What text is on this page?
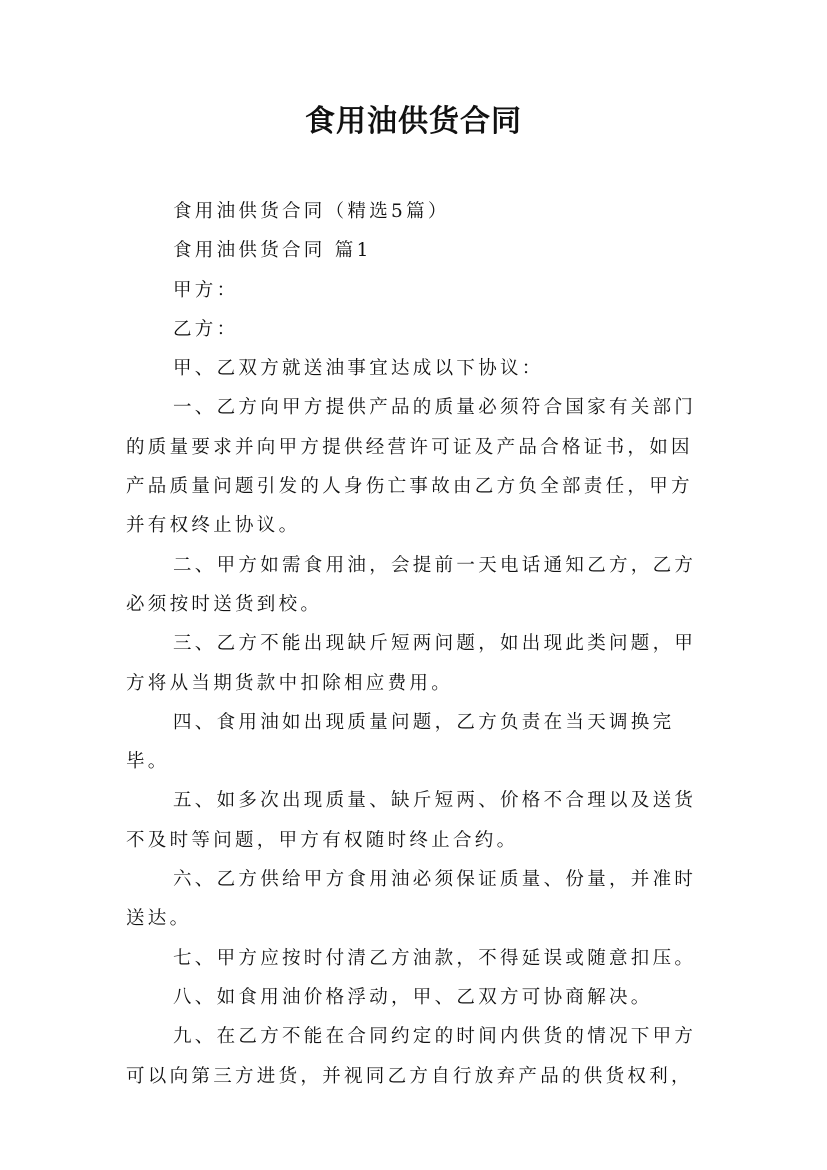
食用油供货合同

食用油供货合同（精选5篇）

食用油供货合同 篇1

甲方：

乙方：

甲、乙双方就送油事宜达成以下协议：

一、乙方向甲方提供产品的质量必须符合国家有关部门的质量要求并向甲方提供经营许可证及产品合格证书，如因产品质量问题引发的人身伤亡事故由乙方负全部责任，甲方并有权终止协议。

二、甲方如需食用油，会提前一天电话通知乙方，乙方必须按时送货到校。

三、乙方不能出现缺斤短两问题，如出现此类问题，甲方将从当期货款中扣除相应费用。

四、食用油如出现质量问题，乙方负责在当天调换完毕。

五、如多次出现质量、缺斤短两、价格不合理以及送货不及时等问题，甲方有权随时终止合约。

六、乙方供给甲方食用油必须保证质量、份量，并准时送达。

七、甲方应按时付清乙方油款，不得延误或随意扣压。

八、如食用油价格浮动，甲、乙双方可协商解决。

九、在乙方不能在合同约定的时间内供货的情况下甲方可以向第三方进货，并视同乙方自行放弃产品的供货权利，
